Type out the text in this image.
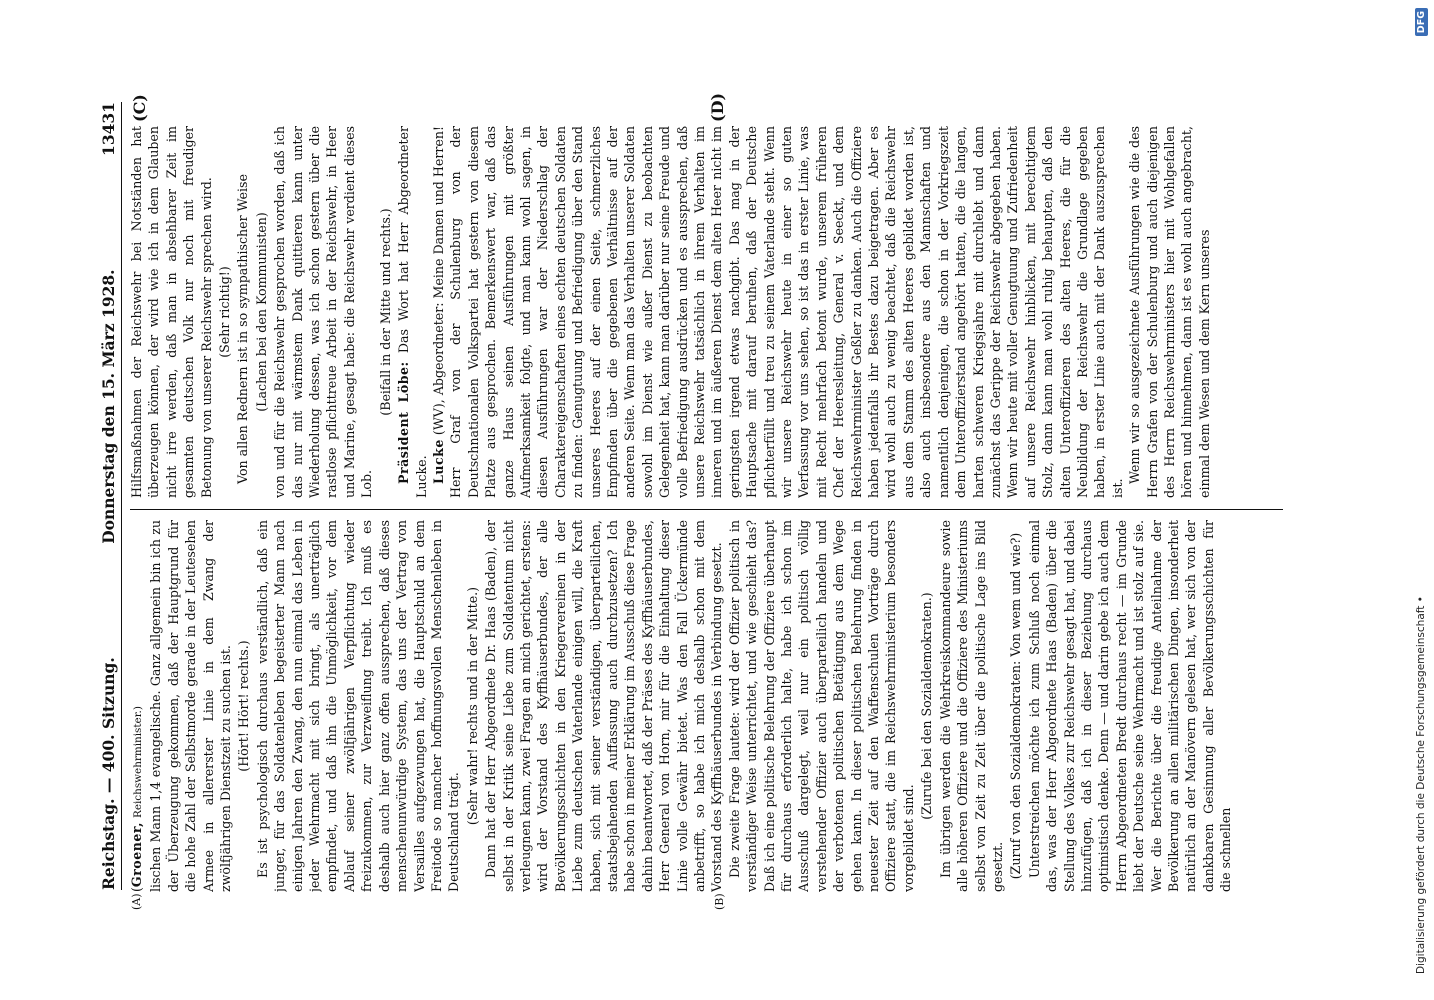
Reichstag. — 400. Sitzung.
Donnerstag den 15. März 1928.
13431
(A)	(B)
(C)	(D)

(Groener, Reichswehrminister.) lischen Mann 1,4 evangelische. Ganz allgemein bin ich zu der Überzeugung gekommen, daß der Hauptgrund für die hohe Zahl der Selbstmorde gerade in der Leutesehen Armee in allererster Linie in dem Zwang der zwölfjährigen Dienstzeit zu suchen ist. (Hört! Hört! rechts.) Es ist psychologisch durchaus verständlich, daß ein junger, für das Soldatenleben begeisterter Mann nach einigen Jahren den Zwang, den nun einmal das Leben in jeder Wehrmacht mit sich bringt, als unerträglich empfindet, und daß ihn die Unmöglichkeit, vor dem Ablauf seiner zwölfjährigen Verpflichtung wieder freizukommen, zur Verzweiflung treibt. Ich muß es deshalb auch hier ganz offen aussprechen, daß dieses menschenunwürdige System, das uns der Vertrag von Versailles aufgezwungen hat, die Hauptschuld an dem Freitode so mancher hoffnungsvollen Menschenleben in Deutschland trägt.

(Sehr wahr! rechts und in der Mitte.) Dann hat der Herr Abgeordnete Dr. Haas (Baden), der selbst in der Kritik seine Liebe zum Soldatentum nicht verleugnen kann, zwei Fragen an mich gerichtet, erstens: wird der Vorstand des Kyffhäuserbundes, der alle Bevölkerungsschichten in den Kriegervereinen in der Liebe zum deutschen Vaterlande einigen will, die Kraft haben, sich mit seiner verständigen, überparteilichen, staatsbejahenden Auffassung auch durchzusetzen? Ich habe schon in meiner Erklärung im Ausschuß diese Frage dahin beantwortet, daß der Präses des Kyffhäuserbundes, Herr General von Horn, mir für die Einhaltung dieser Linie volle Gewähr bietet. Was den Fall Ückermünde anbetrifft, so habe ich mich deshalb schon mit dem Vorstand des Kyffhäuserbundes in Verbindung gesetzt. Die zweite Frage lautete: wird der Offizier politisch in verständiger Weise unterrichtet, und wie geschieht das? Daß ich eine politische Belehrung der Offiziere überhaupt für durchaus erforderlich halte, habe ich schon im Ausschuß dargelegt, weil nur ein politisch völlig verstehender Offizier auch überparteilich handeln und der verbotenen politischen Betätigung aus dem Wege gehen kann. In dieser politischen Belehrung finden in neuester Zeit auf den Waffenschulen Vorträge durch Offiziere statt, die im Reichswehrministerium besonders vorgebildet sind.

(Zurufe bei den Sozialdemokraten.) Im übrigen werden die Wehrkreiskommandeure sowie alle höheren Offiziere und die Offiziere des Ministeriums selbst von Zeit zu Zeit über die politische Lage ins Bild gesetzt. (Zuruf von den Sozialdemokraten: Von wem und wie?) Unterstreichen möchte ich zum Schluß noch einmal das, was der Herr Abgeordnete Haas (Baden) über die Stellung des Volkes zur Reichswehr gesagt hat, und dabei hinzufügen, daß ich in dieser Beziehung durchaus optimistisch denke. Denn — und darin gebe ich auch dem Herrn Abgeordneten Bredt durchaus recht — im Grunde liebt der Deutsche seine Wehrmacht und ist stolz auf sie. Wer die Berichte über die freudige Anteilnahme der Bevölkerung an allen militärischen Dingen, insonderheit natürlich an der Manövern gelesen hat, wer sich von der dankbaren Gesinnung aller Bevölkerungsschichten für die schnellen

Hilfsmaßnahmen der Reichswehr bei Notständen hat überzeugen können, der wird wie ich in dem Glauben nicht irre werden, daß man in absehbarer Zeit im gesamten deutschen Volk nur noch mit freudiger Betonung von unserer Reichswehr sprechen wird. (Sehr richtig!) Von allen Rednern ist in so sympathischer Weise (Lachen bei den Kommunisten) von und für die Reichswehr gesprochen worden, daß ich das nur mit wärmstem Dank quittieren kann unter Wiederholung dessen, was ich schon gestern über die rastlose pflichttreue Arbeit in der Reichswehr, in Heer und Marine, gesagt habe: die Reichswehr verdient dieses Lob.

(Beifall in der Mitte und rechts.)

Präsident Löbe: Das Wort hat Herr Abgeordneter Lucke. Lucke (WV), Abgeordneter: Meine Damen und Herren! Herr Graf von der Schulenburg von der Deutschnationalen Volkspartei hat gestern von diesem Platze aus gesprochen. Bemerkenswert war, daß das ganze Haus seinen Ausführungen mit größter Aufmerksamkeit folgte, und man kann wohl sagen, in diesen Ausführungen war der Niederschlag der Charaktereigenschaften eines echten deutschen Soldaten zu finden: Genugtuung und Befriedigung über den Stand unseres Heeres auf der einen Seite, schmerzliches Empfinden über die gegebenen Verhältnisse auf der anderen Seite. Wenn man das Verhalten unserer Soldaten sowohl im Dienst wie außer Dienst zu beobachten Gelegenheit hat, kann man darüber nur seine Freude und volle Befriedigung ausdrücken und es aussprechen, daß unsere Reichswehr tatsächlich in ihrem Verhalten im inneren und im äußeren Dienst dem alten Heer nicht im geringsten irgend etwas nachgibt. Das mag in der Hauptsache mit darauf beruhen, daß der Deutsche pflichterfüllt und treu zu seinem Vaterlande steht. Wenn wir unsere Reichswehr heute in einer so guten Verfassung vor uns sehen, so ist das in erster Linie, was mit Recht mehrfach betont wurde, unserem früheren Chef der Heeresleitung, General v. Seeckt, und dem Reichswehrminister Geßler zu danken. Auch die Offiziere haben jedenfalls ihr Bestes dazu beigetragen. Aber es wird wohl auch zu wenig beachtet, daß die Reichswehr aus dem Stamm des alten Heeres gebildet worden ist, also auch insbesondere aus den Mannschaften und namentlich denjenigen, die schon in der Vorkriegszeit dem Unteroffizierstand angehört hatten, die die langen, harten schweren Kriegsjahre mit durchlebt und dann zunächst das Gerippe der Reichswehr abgegeben haben. Wenn wir heute mit voller Genugtuung und Zufriedenheit auf unsere Reichswehr hinblicken, mit berechtigtem Stolz, dann kann man wohl ruhig behaupten, daß den alten Unteroffizieren des alten Heeres, die für die Neubildung der Reichswehr die Grundlage gegeben haben, in erster Linie auch mit der Dank auszusprechen ist.

Wenn wir so ausgezeichnete Ausführungen wie die des Herrn Grafen von der Schulenburg und auch diejenigen des Herrn Reichswehrministers hier mit Wohlgefallen hören und hinnehmen, dann ist es wohl auch angebracht, einmal dem Wesen und dem Kern unseres

Digitalisierung gefördert durch die Deutsche Forschungsgemeinschaft •
DFG
